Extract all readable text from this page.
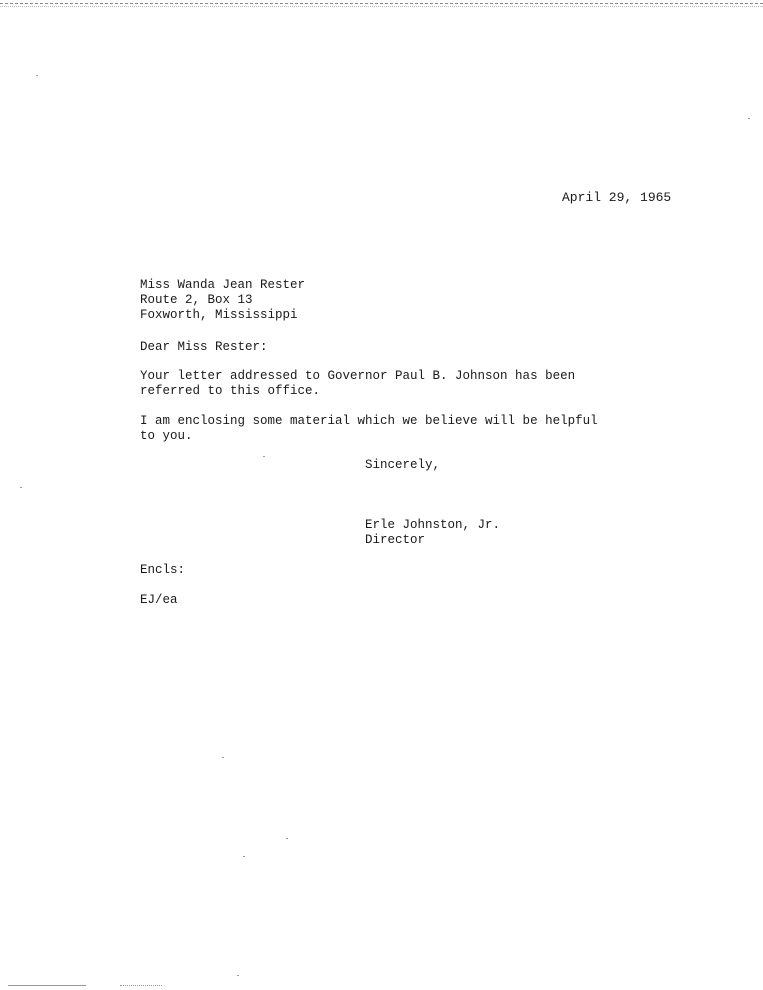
April 29, 1965
Miss Wanda Jean Rester
Route 2, Box 13
Foxworth, Mississippi
Dear Miss Rester:
Your letter addressed to Governor Paul B. Johnson has been
referred to this office.
I am enclosing some material which we believe will be helpful
to you.
Sincerely,
Erle Johnston, Jr.
Director
Encls:
EJ/ea
